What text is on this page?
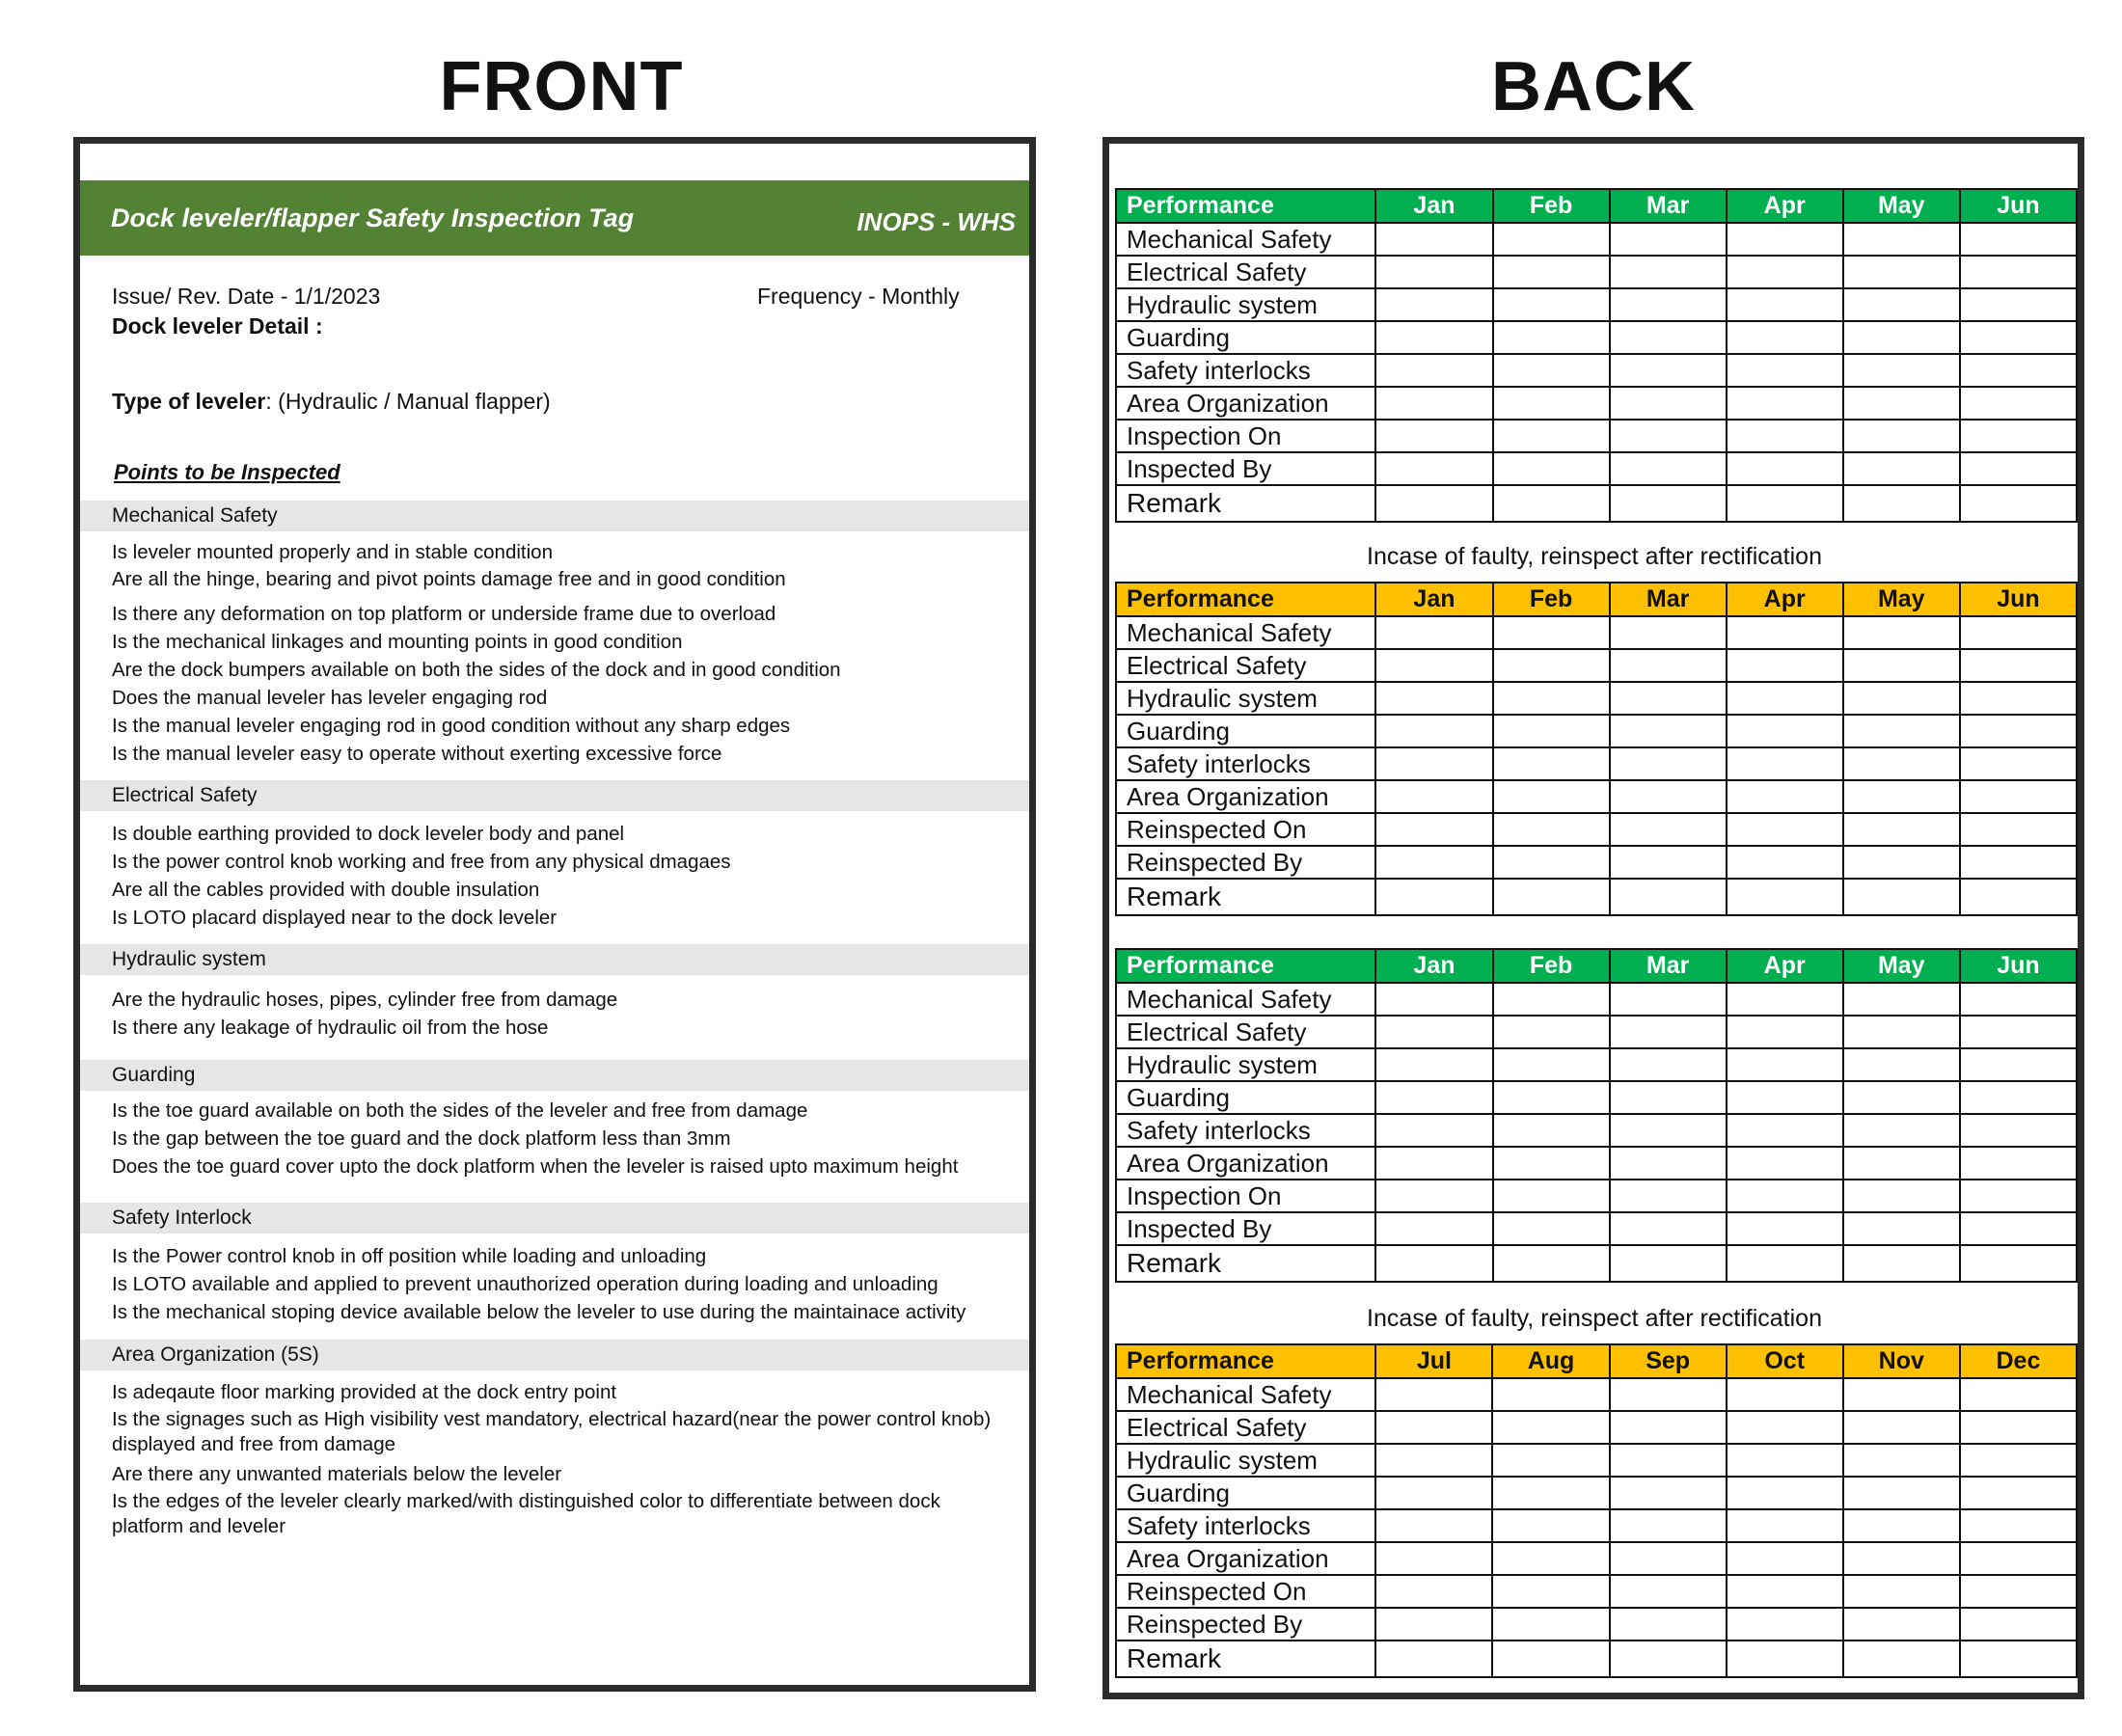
FRONT	BACK
Dock leveler/flapper Safety Inspection Tag	INOPS - WHS
Issue/ Rev. Date - 1/1/2023	Frequency - Monthly
Dock leveler Detail :
Type of leveler: (Hydraulic / Manual flapper)
Points to be Inspected
Mechanical Safety
Is leveler mounted properly and in stable condition
Are all the hinge, bearing and pivot points damage free and in good condition
Is there any deformation on top platform or underside frame due to overload
Is the mechanical linkages and mounting points in good condition
Are the dock bumpers available on both the sides of the dock and in good condition
Does the manual leveler has leveler engaging rod
Is the manual leveler engaging rod in good condition without any sharp edges
Is the manual leveler easy to operate without exerting excessive force
Electrical Safety
Is double earthing provided to dock leveler body and panel
Is the power control knob working and free from any physical dmagaes
Are all the cables provided with double insulation
Is LOTO placard displayed near to the dock leveler
Hydraulic system
Are the hydraulic hoses, pipes, cylinder free from damage
Is there any leakage of hydraulic oil from the hose
Guarding
Is the toe guard available on both the sides of the leveler and free from damage
Is the gap between the toe guard and the dock platform less than 3mm
Does the toe guard cover upto the dock platform when the leveler is raised upto maximum height
Safety Interlock
Is the Power control knob in off position while loading and unloading
Is LOTO available and applied to prevent unauthorized operation during loading and unloading
Is the mechanical stoping device available below the leveler to use during the maintainace activity
Area Organization (5S)
Is adeqaute floor marking provided at the dock entry point
Is the signages such as High visibility vest mandatory, electrical hazard(near the power control knob) displayed and free from damage
Are there any unwanted materials below the leveler
Is the edges of the leveler clearly marked/with distinguished color to differentiate between dock platform and leveler
Performance	Jan	Feb	Mar	Apr	May	Jun
Mechanical Safety						
Electrical Safety						
Hydraulic system						
Guarding						
Safety interlocks						
Area Organization						
Inspection On						
Inspected By						
Remark						
Performance	Jan	Feb	Mar	Apr	May	Jun
Mechanical Safety						
Electrical Safety						
Hydraulic system						
Guarding						
Safety interlocks						
Area Organization						
Reinspected On						
Reinspected By						
Remark						
Performance	Jan	Feb	Mar	Apr	May	Jun
Mechanical Safety						
Electrical Safety						
Hydraulic system						
Guarding						
Safety interlocks						
Area Organization						
Inspection On						
Inspected By						
Remark						
Performance	Jul	Aug	Sep	Oct	Nov	Dec
Mechanical Safety						
Electrical Safety						
Hydraulic system						
Guarding						
Safety interlocks						
Area Organization						
Reinspected On						
Reinspected By						
Remark						
Incase of faulty, reinspect after rectification
Incase of faulty, reinspect after rectification
